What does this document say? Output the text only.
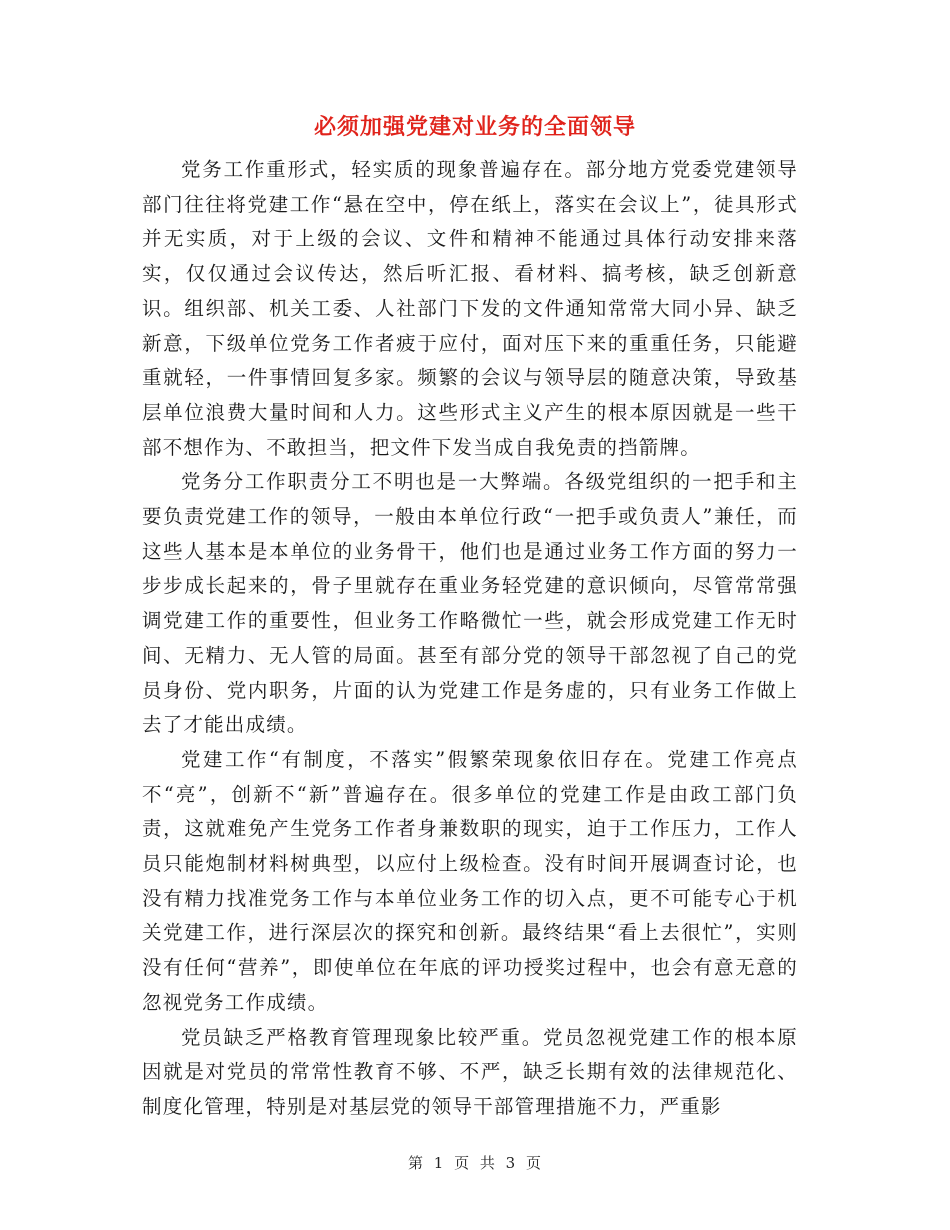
必须加强党建对业务的全面领导

党务工作重形式，轻实质的现象普遍存在。部分地方党委党建领导部门往往将党建工作“悬在空中，停在纸上，落实在会议上”，徒具形式并无实质，对于上级的会议、文件和精神不能通过具体行动安排来落实，仅仅通过会议传达，然后听汇报、看材料、搞考核，缺乏创新意识。组织部、机关工委、人社部门下发的文件通知常常大同小异、缺乏新意，下级单位党务工作者疲于应付，面对压下来的重重任务，只能避重就轻，一件事情回复多家。频繁的会议与领导层的随意决策，导致基层单位浪费大量时间和人力。这些形式主义产生的根本原因就是一些干部不想作为、不敢担当，把文件下发当成自我免责的挡箭牌。

党务分工作职责分工不明也是一大弊端。各级党组织的一把手和主要负责党建工作的领导，一般由本单位行政“一把手或负责人”兼任，而这些人基本是本单位的业务骨干，他们也是通过业务工作方面的努力一步步成长起来的，骨子里就存在重业务轻党建的意识倾向，尽管常常强调党建工作的重要性，但业务工作略微忙一些，就会形成党建工作无时间、无精力、无人管的局面。甚至有部分党的领导干部忽视了自己的党员身份、党内职务，片面的认为党建工作是务虚的，只有业务工作做上去了才能出成绩。

党建工作“有制度，不落实”假繁荣现象依旧存在。党建工作亮点不“亮”，创新不“新”普遍存在。很多单位的党建工作是由政工部门负责，这就难免产生党务工作者身兼数职的现实，迫于工作压力，工作人员只能炮制材料树典型，以应付上级检查。没有时间开展调查讨论，也没有精力找准党务工作与本单位业务工作的切入点，更不可能专心于机关党建工作，进行深层次的探究和创新。最终结果“看上去很忙”，实则没有任何“营养”，即使单位在年底的评功授奖过程中，也会有意无意的忽视党务工作成绩。

党员缺乏严格教育管理现象比较严重。党员忽视党建工作的根本原因就是对党员的常常性教育不够、不严，缺乏长期有效的法律规范化、制度化管理，特别是对基层党的领导干部管理措施不力，严重影

第 1 页 共 3 页
